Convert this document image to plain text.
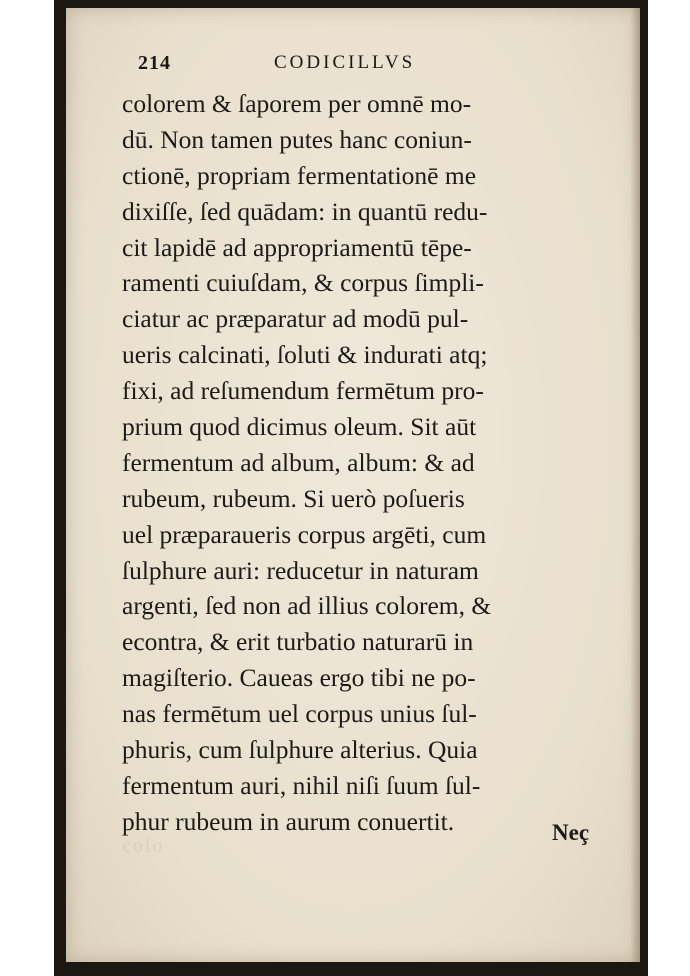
214	CODICILLVS
colorem & ſaporem per omnē mo-
dū. Non tamen putes hanc coniun-
ctionē, propriam fermentationē me
dixiſſe, ſed quādam: in quantū redu-
cit lapidē ad appropriamentū tēpe-
ramenti cuiuſdam, & corpus ſimpli-
ciatur ac præparatur ad modū pul-
ueris calcinati, ſoluti & indurati atq;
fixi, ad reſumendum fermētum pro-
prium quod dicimus oleum. Sit aūt
fermentum ad album, album: & ad
rubeum, rubeum. Si uerò poſueris
uel præparaueris corpus argēti, cum
ſulphure auri: reducetur in naturam
argenti, ſed non ad illius colorem, &
econtra, & erit turbatio naturarū in
magiſterio. Caueas ergo tibi ne po-
nas fermētum uel corpus unius ſul-
phuris, cum ſulphure alterius. Quia
fermentum auri, nihil niſi ſuum ſul-
phur rubeum in aurum conuertit.	Neç
colo
